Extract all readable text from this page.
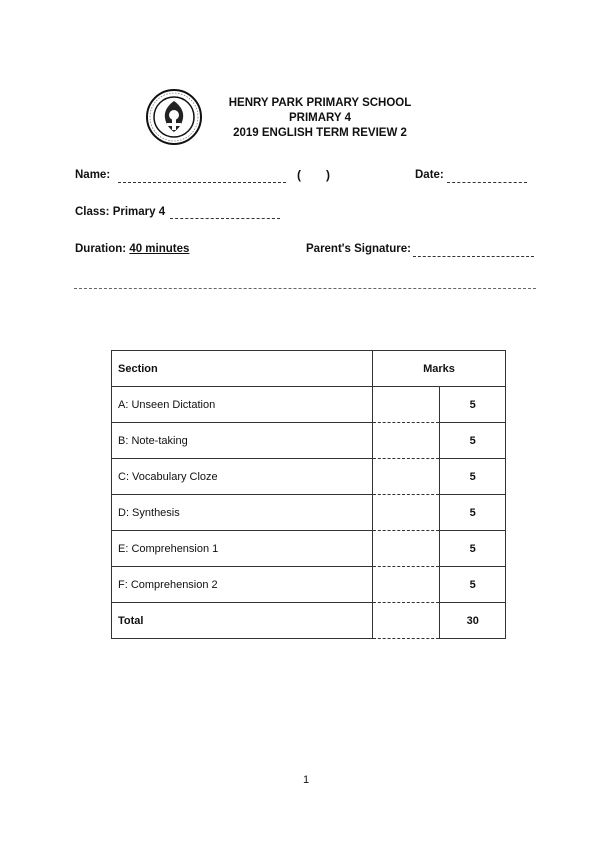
HENRY PARK PRIMARY SCHOOL
PRIMARY 4
2019 ENGLISH TERM REVIEW 2
Name:	( )	Date:
Class: Primary 4
Duration: 40 minutes	Parent's Signature:
Section	Marks	
A: Unseen Dictation		5
B: Note-taking		5
C: Vocabulary Cloze		5
D: Synthesis		5
E: Comprehension 1		5
F: Comprehension 2		5
Total		30
1
